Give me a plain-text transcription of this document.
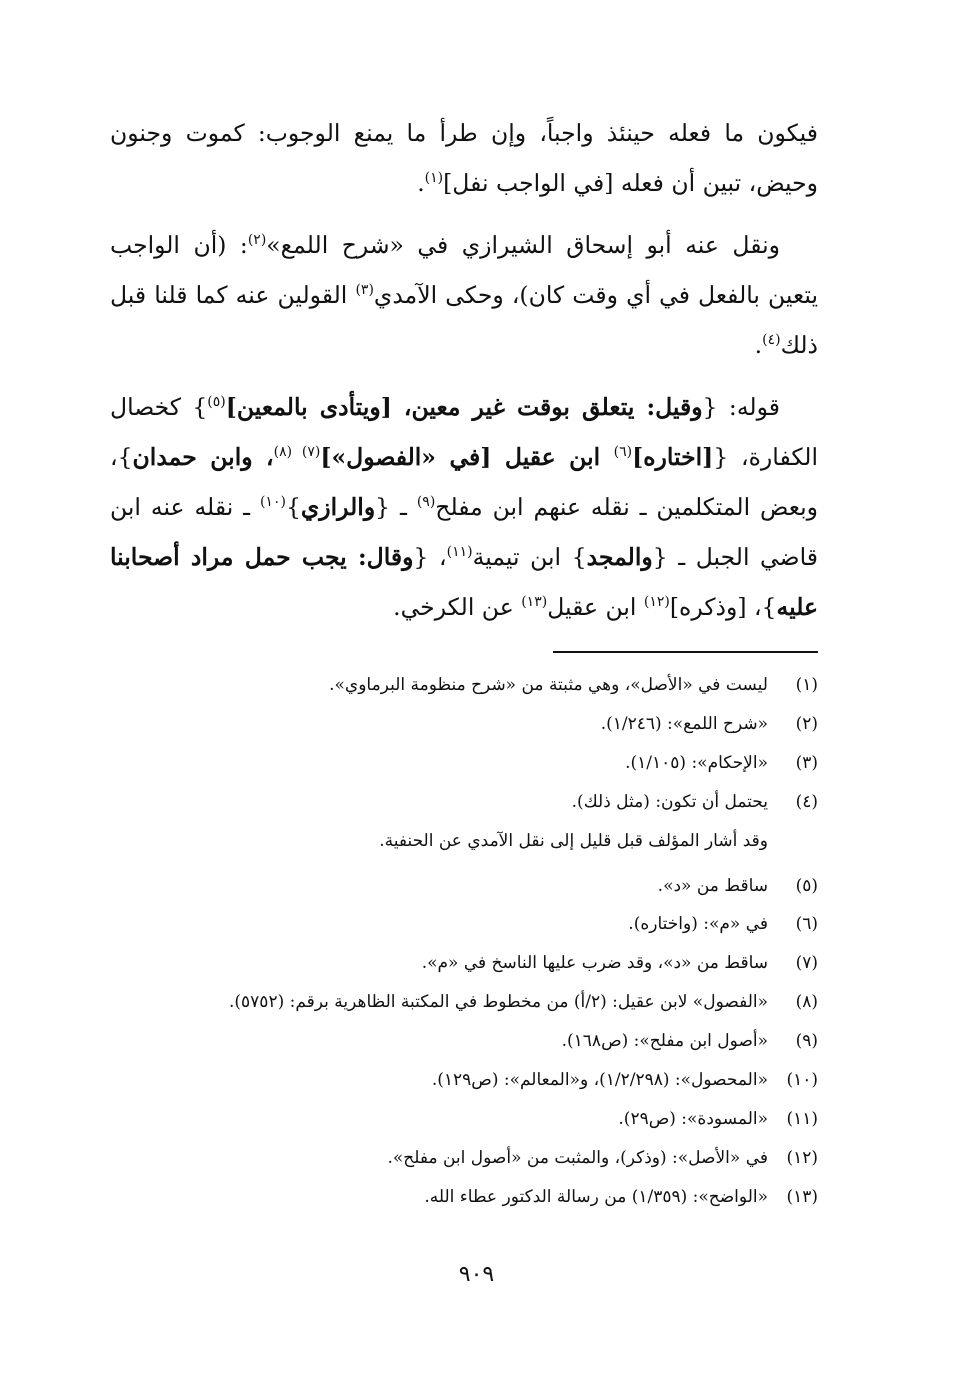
فيكون ما فعله حينئذ واجباً، وإن طرأ ما يمنع الوجوب: كموت وجنون وحيض، تبين أن فعله [في الواجب نفل]$^{(١)}$.

ونقل عنه أبو إسحاق الشيرازي في «شرح اللمع»$^{(٢)}$: (أن الواجب يتعين بالفعل في أي وقت كان)، وحكى الآمدي$^{(٣)}$ القولين عنه كما قلنا قبل ذلك$^{(٤)}$.

قوله: {وقيل: يتعلق بوقت غير معين، [ويتأدى بالمعين]$^{(٥)}$} كخصال الكفارة، {[اختاره]$^{(٦)}$ ابن عقيل [في «الفصول»]$^{(٧) (٨)}$، وابن حمدان}، وبعض المتكلمين ـ نقله عنهم ابن مفلح$^{(٩)}$ ـ {والرازي}$^{(١٠)}$ ـ نقله عنه ابن قاضي الجبل ـ {والمجد} ابن تيمية$^{(١١)}$، {وقال: يجب حمل مراد أصحابنا عليه}، [وذكره]$^{(١٢)}$ ابن عقيل$^{(١٣)}$ عن الكرخي.

(١)
ليست في «الأصل»، وهي مثبتة من «شرح منظومة البرماوي».
(٢)
«شرح اللمع»: (١/٢٤٦).
(٣)
«الإحكام»: (١/١٠٥).
(٤)
يحتمل أن تكون: (مثل ذلك).
وقد أشار المؤلف قبل قليل إلى نقل الآمدي عن الحنفية.
(٥)
ساقط من «د».
(٦)
في «م»: (واختاره).
(٧)
ساقط من «د»، وقد ضرب عليها الناسخ في «م».
(٨)
«الفصول» لابن عقيل: (٢/أ) من مخطوط في المكتبة الظاهرية برقم: (٥٧٥٢).
(٩)
«أصول ابن مفلح»: (ص١٦٨).
(١٠)
«المحصول»: (١/٢/٢٩٨)، و«المعالم»: (ص١٢٩).
(١١)
«المسودة»: (ص٢٩).
(١٢)
في «الأصل»: (وذكر)، والمثبت من «أصول ابن مفلح».
(١٣)
«الواضح»: (١/٣٥٩) من رسالة الدكتور عطاء الله.
٩٠٩
